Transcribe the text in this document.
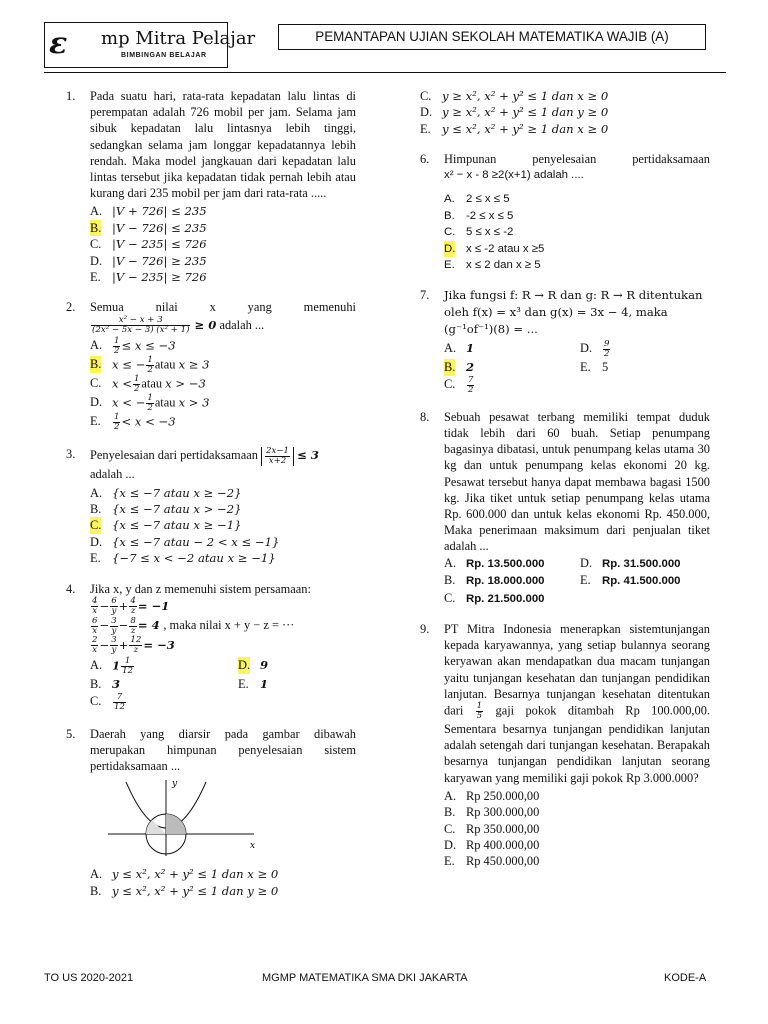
ε mp Mitra Pelajar
BIMBINGAN BELAJAR
PEMANTAPAN UJIAN SEKOLAH MATEMATIKA WAJIB (A)
1. Pada suatu hari, rata-rata kepadatan lalu lintas di perempatan adalah 726 mobil per jam. Selama jam sibuk kepadatan lalu lintasnya lebih tinggi, sedangkan selama jam longgar kepadatannya lebih rendah. Maka model jangkauan dari kepadatan lalu lintas tersebut jika kepadatan tidak pernah lebih atau kurang dari 235 mobil per jam dari rata-rata .....
A. |V + 726| ≤ 235
B. |V − 726| ≤ 235
C. |V − 235| ≤ 726
D. |V − 726| ≥ 235
E. |V − 235| ≥ 726
2. Semua nilai x yang memenuhi
$\frac{\text{x² − x + 3}}{\text{(2x² − 5x − 3) (x² + 1)}} \ge 0$ adalah ...
A. $\frac{1}{2} \le x \le -3$
B. x ≤ − $\frac{1}{2}$ atau x ≥ 3
C. $x < \frac{1}{2}$ atau x > −3
D. x < − $\frac{1}{2}$ atau x > 3
E. $\frac{1}{2} < x < -3$
3. Penyelesaian dari pertidaksamaan $\frac{2x-1}{x+2} \le 3$
adalah ...
A. {x ≤ −7 atau x ≥ −2}
B. {x ≤ −7 atau x > −2}
C. {x ≤ −7 atau x ≥ −1}
D. {x ≤ −7 atau − 2 < x ≤ −1}
E. {−7 ≤ x < −2 atau x ≥ −1}
4. Jika x, y dan z memenuhi sistem persamaan:
$\frac{4}{x} - \frac{6}{y} + \frac{4}{z} = -1$
$\frac{6}{x} - \frac{3}{y} - \frac{8}{z} = 4$ , maka nilai x + y − z = ···
$\frac{2}{x} - \frac{3}{y} + \frac{12}{z} = -3$
A. $1 \frac{1}{12}$	D. 9
B. 3	E. 1
C. $\frac{7}{12}$
5. Daerah yang diarsir pada gambar dibawah merupakan himpunan penyelesaian sistem pertidaksamaan ...
y
x
A. y ≤ x², x² + y² ≤ 1 dan x ≥ 0
B. y ≤ x², x² + y² ≤ 1 dan y ≥ 0
C. y ≥ x², x² + y² ≤ 1 dan x ≥ 0
D. y ≥ x², x² + y² ≤ 1 dan y ≥ 0
E. y ≤ x², x² + y² ≥ 1 dan x ≥ 0
6. Himpunan penyelesaian pertidaksamaan
x² − x - 8 ≥2(x+1) adalah ....
A. 2 ≤ x ≤ 5
B. -2 ≤ x ≤ 5
C. 5 ≤ x ≤ -2
D. x ≤ -2 atau x ≥5
E. x ≤ 2 dan x ≥ 5
7. Jika fungsi f: R → R dan g: R → R ditentukan
oleh f(x) = x³ dan g(x) = 3x − 4, maka
(g⁻¹of⁻¹)(8) = ...
A. 1	D. $\frac{9}{2}$
B. 2	E. 5
C. $\frac{7}{2}$
8. Sebuah pesawat terbang memiliki tempat duduk tidak lebih dari 60 buah. Setiap penumpang bagasinya dibatasi, untuk penumpang kelas utama 30 kg dan untuk penumpang kelas ekonomi 20 kg. Pesawat tersebut hanya dapat membawa bagasi 1500 kg. Jika tiket untuk setiap penumpang kelas utama Rp. 600.000 dan untuk kelas ekonomi Rp. 450.000, Maka penerimaan maksimum dari penjualan tiket adalah ...
A. Rp. 13.500.000	D. Rp. 31.500.000
B. Rp. 18.000.000	E. Rp. 41.500.000
C. Rp. 21.500.000
9. PT Mitra Indonesia menerapkan sistemtunjangan kepada karyawannya, yang setiap bulannya seorang keryawan akan mendapatkan dua macam tunjangan yaitu tunjangan kesehatan dan tunjangan pendidikan lanjutan. Besarnya tunjangan kesehatan ditentukan dari $\frac{1}{5}$ gaji pokok ditambah Rp 100.000,00. Sementara besarnya tunjangan pendidikan lanjutan adalah setengah dari tunjangan kesehatan. Berapakah besarnya tunjangan pendidikan lanjutan seorang karyawan yang memiliki gaji pokok Rp 3.000.000?
A. Rp 250.000,00
B. Rp 300.000,00
C. Rp 350.000,00
D. Rp 400.000,00
E. Rp 450.000,00
TO US 2020-2021	MGMP MATEMATIKA SMA DKI JAKARTA	KODE-A
